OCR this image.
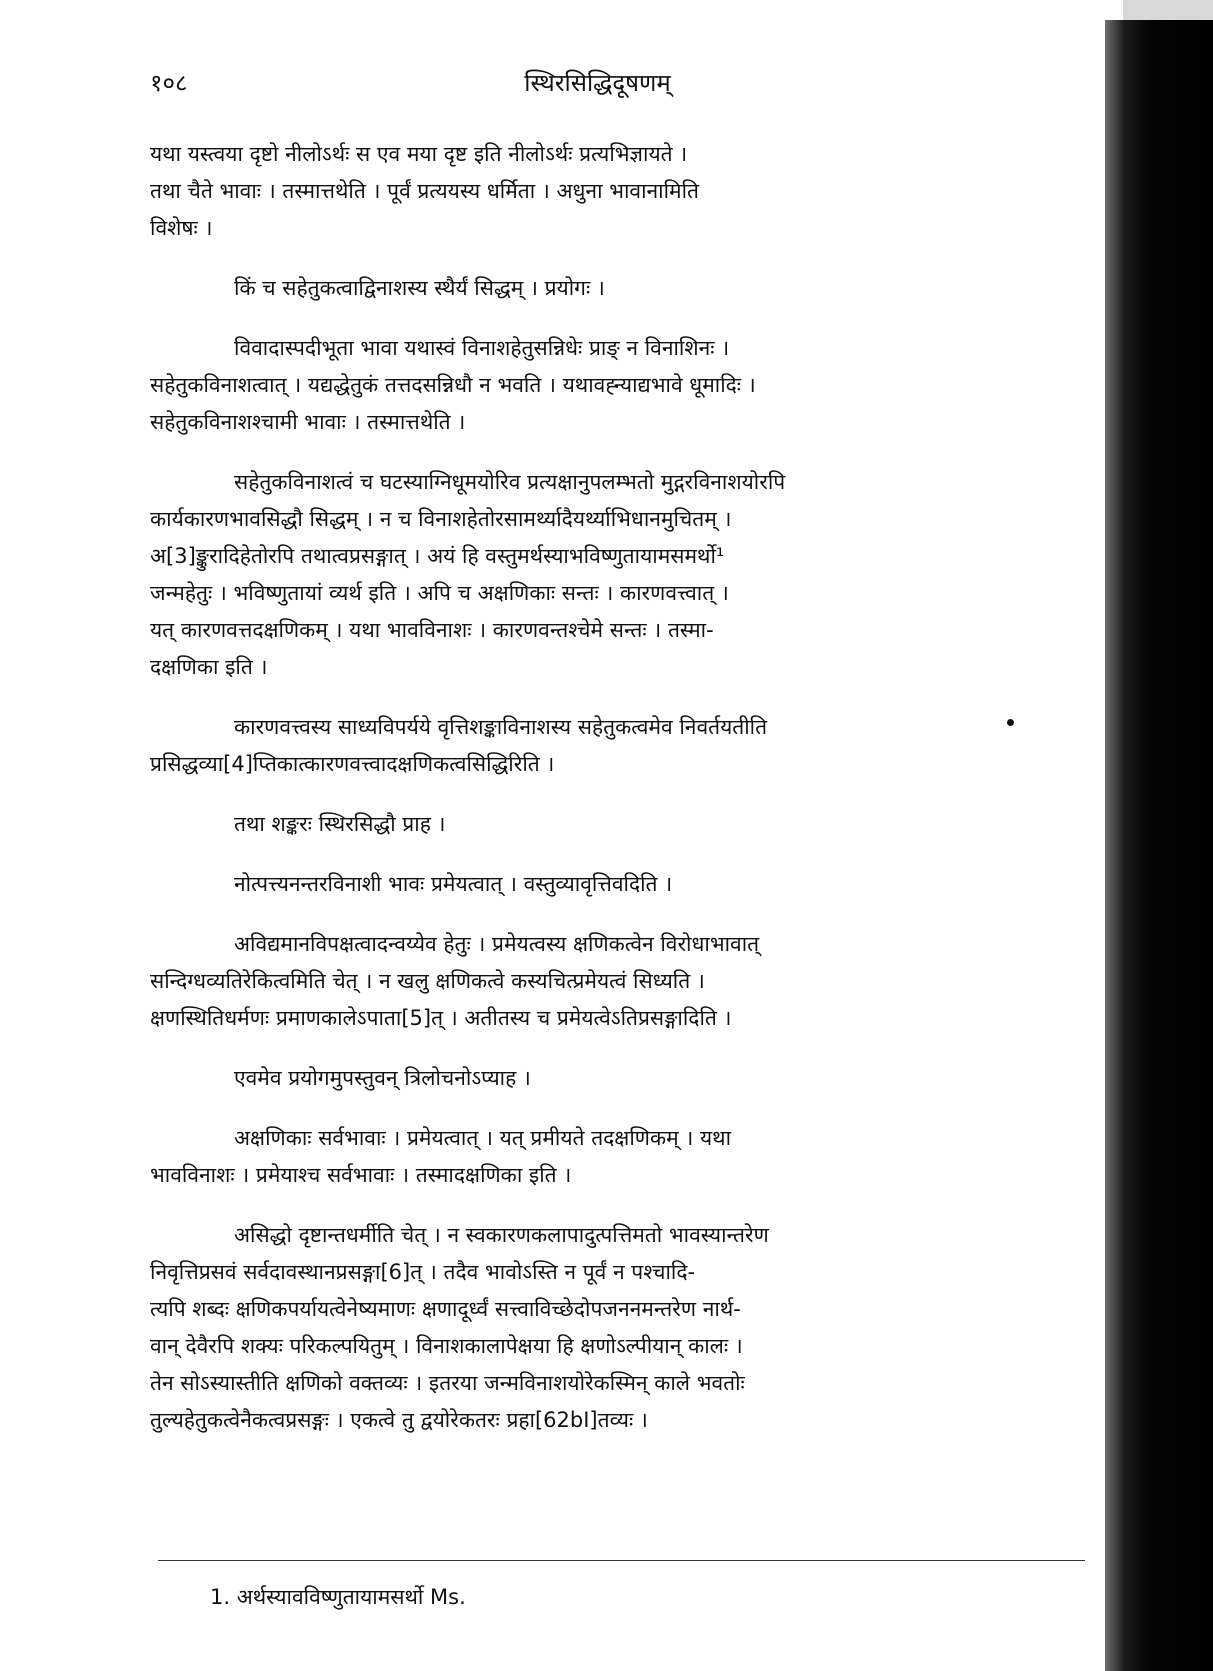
१०८	स्थिरसिद्धिदूषणम्
यथा यस्त्वया दृष्टो नीलोऽर्थः स एव मया दृष्ट इति नीलोऽर्थः प्रत्यभिज्ञायते ।
तथा चैते भावाः । तस्मात्तथेति । पूर्वं प्रत्ययस्य धर्मिता । अधुना भावानामिति
विशेषः ।
किं च सहेतुकत्वाद्विनाशस्य स्थैर्यं सिद्धम् । प्रयोगः ।
विवादास्पदीभूता भावा यथास्वं विनाशहेतुसन्निधेः प्राङ् न विनाशिनः ।
सहेतुकविनाशत्वात् । यद्यद्धेतुकं तत्तदसन्निधौ न भवति । यथावह्न्याद्यभावे धूमादिः ।
सहेतुकविनाशश्चामी भावाः । तस्मात्तथेति ।
सहेतुकविनाशत्वं च घटस्याग्निधूमयोरिव प्रत्यक्षानुपलम्भतो मुद्गरविनाशयोरपि
कार्यकारणभावसिद्धौ सिद्धम् । न च विनाशहेतोरसामर्थ्यादैयर्थ्याभिधानमुचितम् ।
अ[3]ङ्कुरादिहेतोरपि तथात्वप्रसङ्गात् । अयं हि वस्तुमर्थस्याभविष्णुतायामसमर्थो¹
जन्महेतुः । भविष्णुतायां व्यर्थ इति । अपि च अक्षणिकाः सन्तः । कारणवत्त्वात् ।
यत् कारणवत्तदक्षणिकम् । यथा भावविनाशः । कारणवन्तश्चेमे सन्तः । तस्मा-
दक्षणिका इति ।
कारणवत्त्वस्य साध्यविपर्यये वृत्तिशङ्काविनाशस्य सहेतुकत्वमेव निवर्तयतीति
प्रसिद्धव्या[4]प्तिकात्कारणवत्त्वादक्षणिकत्वसिद्धिरिति ।
तथा शङ्करः स्थिरसिद्धौ प्राह ।
नोत्पत्त्यनन्तरविनाशी भावः प्रमेयत्वात् । वस्तुव्यावृत्तिवदिति ।
अविद्यमानविपक्षत्वादन्वय्येव हेतुः । प्रमेयत्वस्य क्षणिकत्वेन विरोधाभावात्
सन्दिग्धव्यतिरेकित्वमिति चेत् । न खलु क्षणिकत्वे कस्यचित्प्रमेयत्वं सिध्यति ।
क्षणस्थितिधर्मणः प्रमाणकालेऽपाता[5]त् । अतीतस्य च प्रमेयत्वेऽतिप्रसङ्गादिति ।
एवमेव प्रयोगमुपस्तुवन् त्रिलोचनोऽप्याह ।
अक्षणिकाः सर्वभावाः । प्रमेयत्वात् । यत् प्रमीयते तदक्षणिकम् । यथा
भावविनाशः । प्रमेयाश्च सर्वभावाः । तस्मादक्षणिका इति ।
असिद्धो दृष्टान्तधर्मीति चेत् । न स्वकारणकलापादुत्पत्तिमतो भावस्यान्तरेण
निवृत्तिप्रसवं सर्वदावस्थानप्रसङ्गा[6]त् । तदैव भावोऽस्ति न पूर्वं न पश्चादि-
त्यपि शब्दः क्षणिकपर्यायत्वेनेष्यमाणः क्षणादूर्ध्वं सत्त्वाविच्छेदोपजननमन्तरेण नार्थ-
वान् देवैरपि शक्यः परिकल्पयितुम् । विनाशकालापेक्षया हि क्षणोऽल्पीयान् कालः ।
तेन सोऽस्यास्तीति क्षणिको वक्तव्यः । इतरया जन्मविनाशयोरेकस्मिन् काले भवतोः
तुल्यहेतुकत्वेनैकत्वप्रसङ्गः । एकत्वे तु द्वयोरेकतरः प्रहा[62bI]तव्यः ।
1. अर्थस्यावविष्णुतायामसर्थो Ms.
